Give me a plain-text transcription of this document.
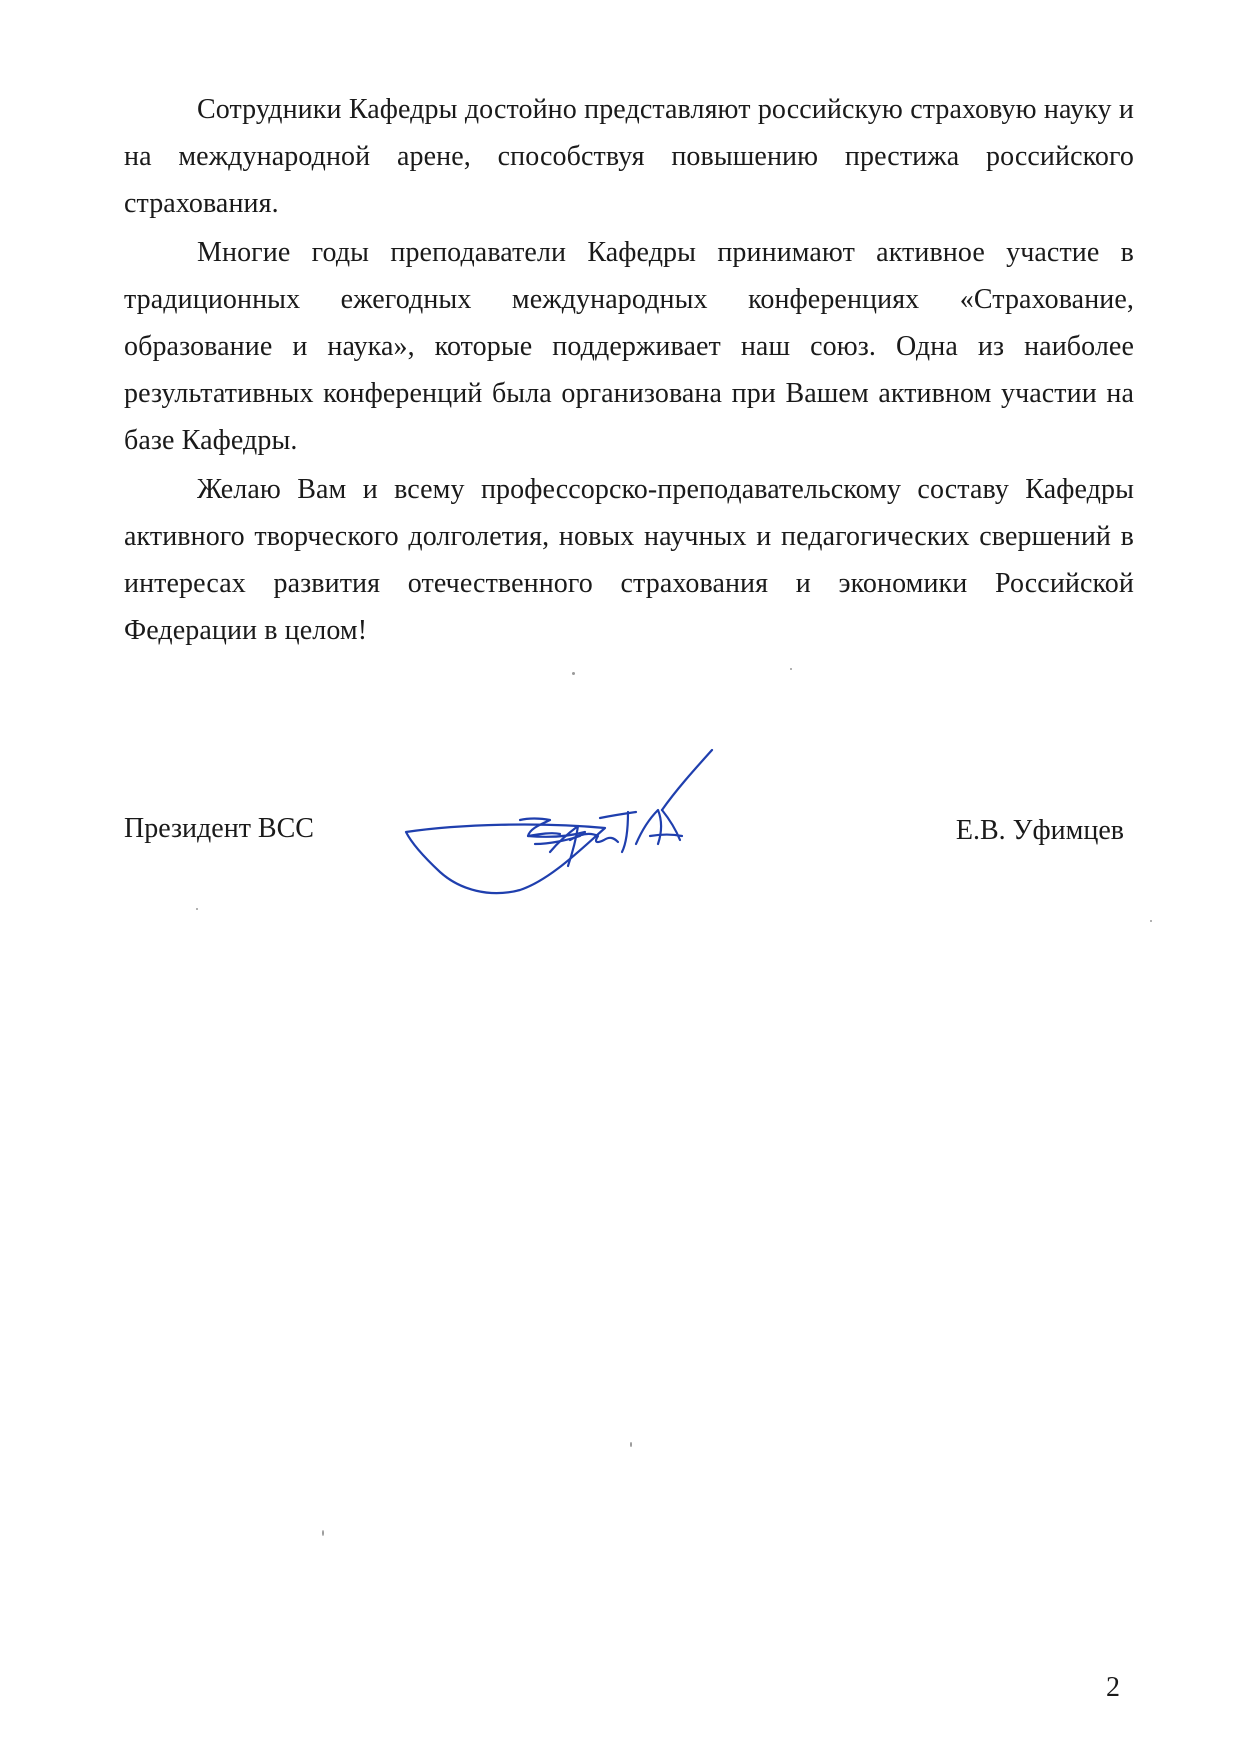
Сотрудники Кафедры достойно представляют российскую страховую науку и на международной арене, способствуя повышению престижа российского страхования.

Многие годы преподаватели Кафедры принимают активное участие в традиционных ежегодных международных конференциях «Страхование, образование и наука», которые поддерживает наш союз. Одна из наиболее результативных конференций была организована при Вашем активном участии на базе Кафедры.

Желаю Вам и всему профессорско-преподавательскому составу Кафедры активного творческого долголетия, новых научных и педагогических свершений в интересах развития отечественного страхования и экономики Российской Федерации в целом!

Президент ВСС	Е.В. Уфимцев
2
